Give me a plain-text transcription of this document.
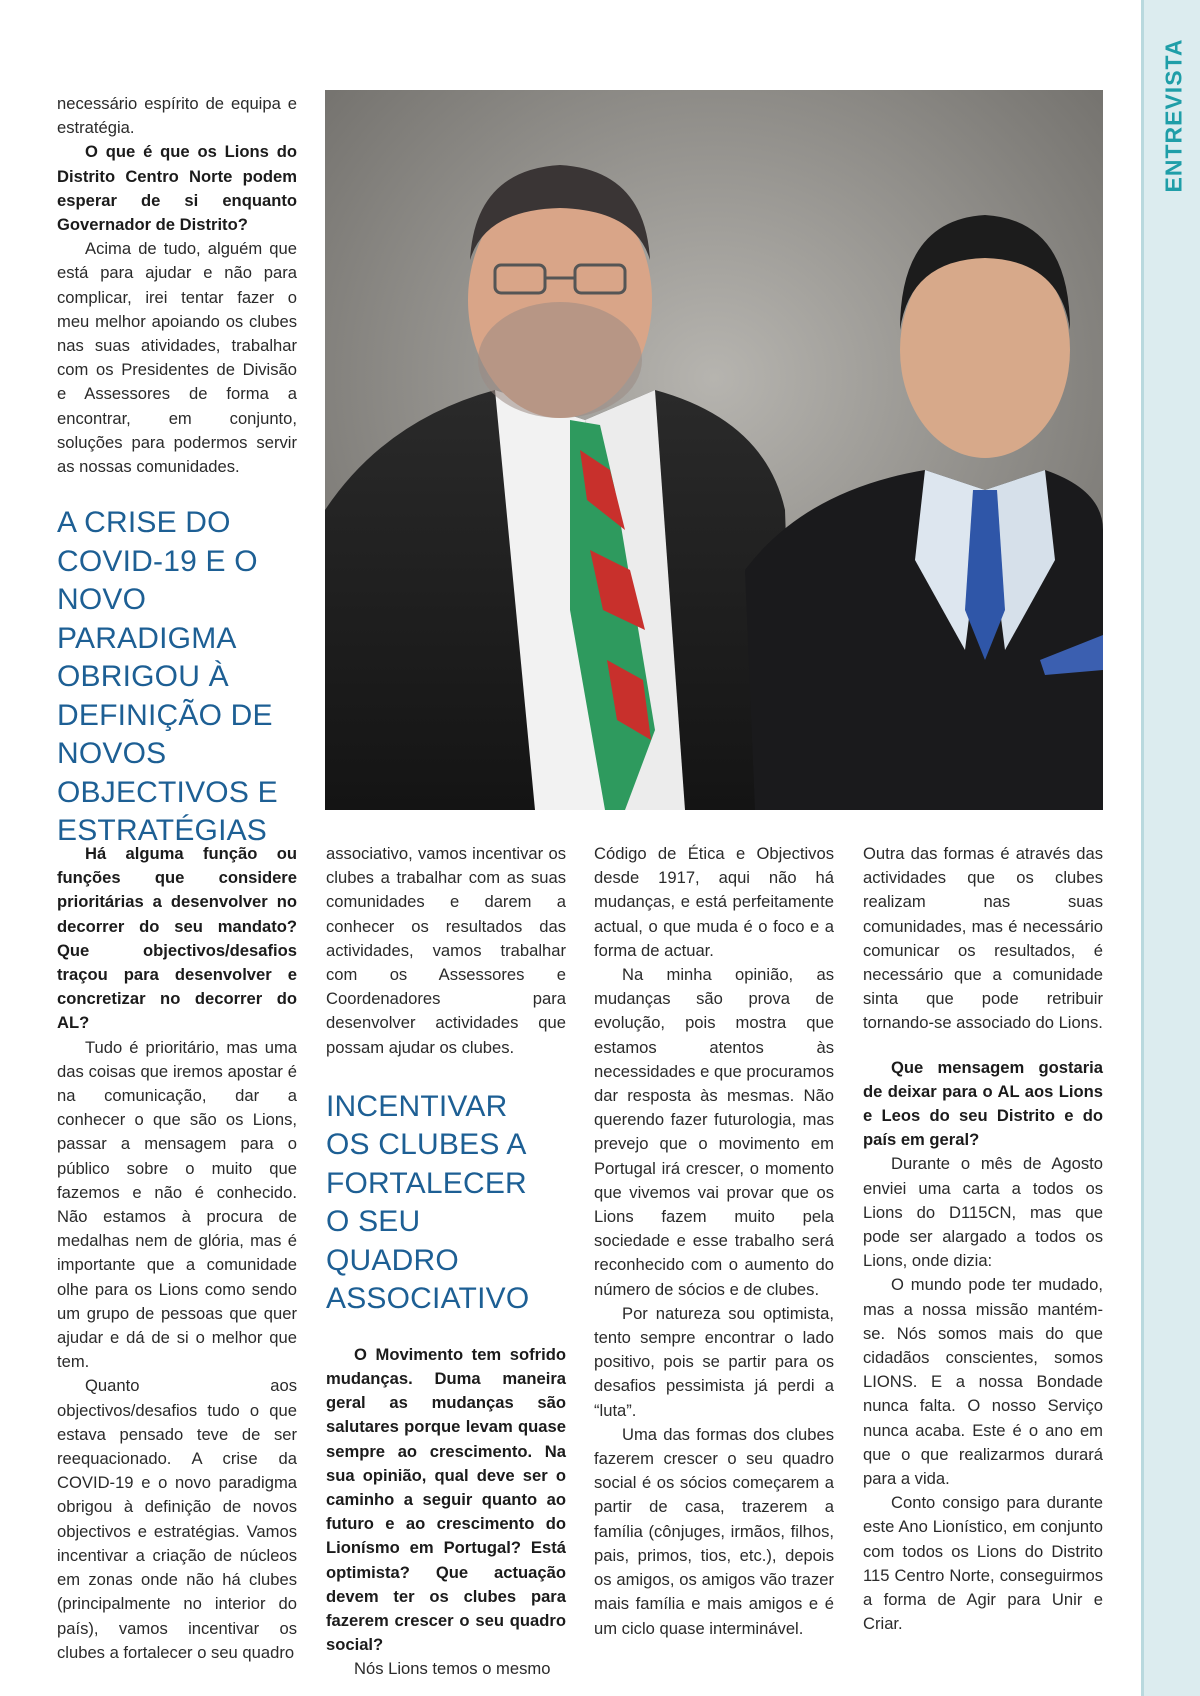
ENTREVISTA

necessário espírito de equipa e estratégia.

O que é que os Lions do Distrito Centro Norte podem esperar de si enquanto Governador de Distrito?

Acima de tudo, alguém que está para ajudar e não para complicar, irei tentar fazer o meu melhor apoiando os clubes nas suas atividades, trabalhar com os Presidentes de Divisão e Assessores de forma a encontrar, em conjunto, soluções para podermos servir as nossas comunidades.

A CRISE DO COVID-19 E O NOVO PARADIGMA OBRIGOU À DEFINIÇÃO DE NOVOS OBJECTIVOS E ESTRATÉGIAS

Há alguma função ou funções que considere prioritárias a desenvolver no decorrer do seu mandato? Que objectivos/desafios traçou para desenvolver e concretizar no decorrer do AL?

Tudo é prioritário, mas uma das coisas que iremos apostar é na comunicação, dar a conhecer o que são os Lions, passar a mensagem para o público sobre o muito que fazemos e não é conhecido. Não estamos à procura de medalhas nem de glória, mas é importante que a comunidade olhe para os Lions como sendo um grupo de pessoas que quer ajudar e dá de si o melhor que tem.

Quanto aos objectivos/desafios tudo o que estava pensado teve de ser reequacionado. A crise da COVID-19 e o novo paradigma obrigou à definição de novos objectivos e estratégias. Vamos incentivar a criação de núcleos em zonas onde não há clubes (principalmente no interior do país), vamos incentivar os clubes a fortalecer o seu quadro

associativo, vamos incentivar os clubes a trabalhar com as suas comunidades e darem a conhecer os resultados das actividades, vamos trabalhar com os Assessores e Coordenadores para desenvolver actividades que possam ajudar os clubes.

INCENTIVAR OS CLUBES A FORTALECER O SEU QUADRO ASSOCIATIVO

O Movimento tem sofrido mudanças. Duma maneira geral as mudanças são salutares porque levam quase sempre ao crescimento. Na sua opinião, qual deve ser o caminho a seguir quanto ao futuro e ao crescimento do Lionísmo em Portugal? Está optimista? Que actuação devem ter os clubes para fazerem crescer o seu quadro social?

Nós Lions temos o mesmo

Código de Ética e Objectivos desde 1917, aqui não há mudanças, e está perfeitamente actual, o que muda é o foco e a forma de actuar.

Na minha opinião, as mudanças são prova de evolução, pois mostra que estamos atentos às necessidades e que procuramos dar resposta às mesmas. Não querendo fazer futurologia, mas prevejo que o movimento em Portugal irá crescer, o momento que vivemos vai provar que os Lions fazem muito pela sociedade e esse trabalho será reconhecido com o aumento do número de sócios e de clubes.

Por natureza sou optimista, tento sempre encontrar o lado positivo, pois se partir para os desafios pessimista já perdi a “luta”.

Uma das formas dos clubes fazerem crescer o seu quadro social é os sócios começarem a partir de casa, trazerem a família (cônjuges, irmãos, filhos, pais, primos, tios, etc.), depois os amigos, os amigos vão trazer mais família e mais amigos e é um ciclo quase interminável.

Outra das formas é através das actividades que os clubes realizam nas suas comunidades, mas é necessário comunicar os resultados, é necessário que a comunidade sinta que pode retribuir tornando-se associado do Lions.

Que mensagem gostaria de deixar para o AL aos Lions e Leos do seu Distrito e do país em geral?

Durante o mês de Agosto enviei uma carta a todos os Lions do D115CN, mas que pode ser alargado a todos os Lions, onde dizia:

O mundo pode ter mudado, mas a nossa missão mantém-se. Nós somos mais do que cidadãos conscientes, somos LIONS. E a nossa Bondade nunca falta. O nosso Serviço nunca acaba. Este é o ano em que o que realizarmos durará para a vida.

Conto consigo para durante este Ano Lionístico, em conjunto com todos os Lions do Distrito 115 Centro Norte, conseguirmos a forma de Agir para Unir e Criar.
